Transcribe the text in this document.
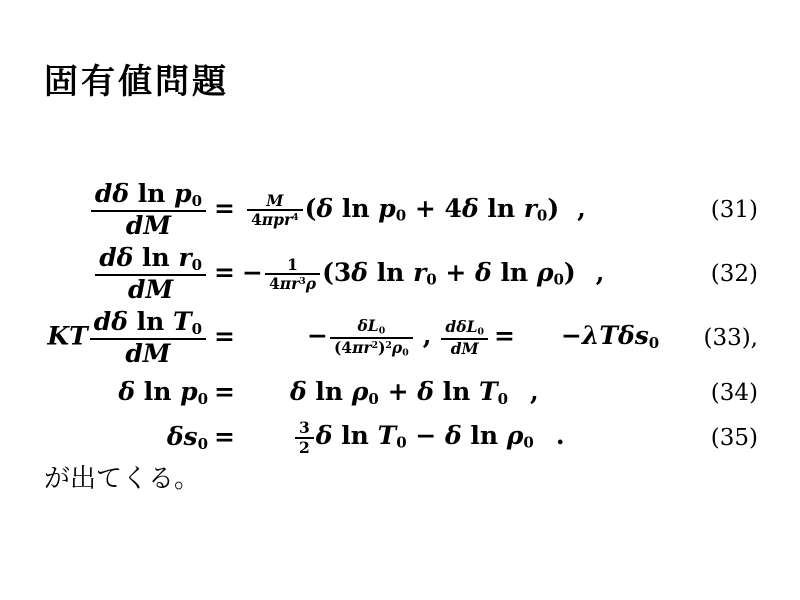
固有値問題
$\frac{\text{dδ ln p0}}{dM} = \frac{M}{4\pi pr^4} (\delta$ ln p0 + 4δ ln r0) ,	(31)
$\frac{\text{dδ ln r0}}{dM}$ = − $\frac{1}{4\pi r^3\rho} (3\delta$ ln r0 + δ ln ρ0) ,	(32)
KT $\frac{\text{dδ ln T0}}{dM}$ =	− $\frac{\delta L0}{(4\pi r^2)^2\rho 0}$ , $\frac{\text{dδL0}}{dM} = -\lambda T\delta s0$	(33),
δ ln p0 =	δ ln ρ0 + δ ln T0 ,	(34)
δs0 =	$\frac{3}{2}$ δ ln T0 − δ ln ρ0 .	(35)

が出てくる。
